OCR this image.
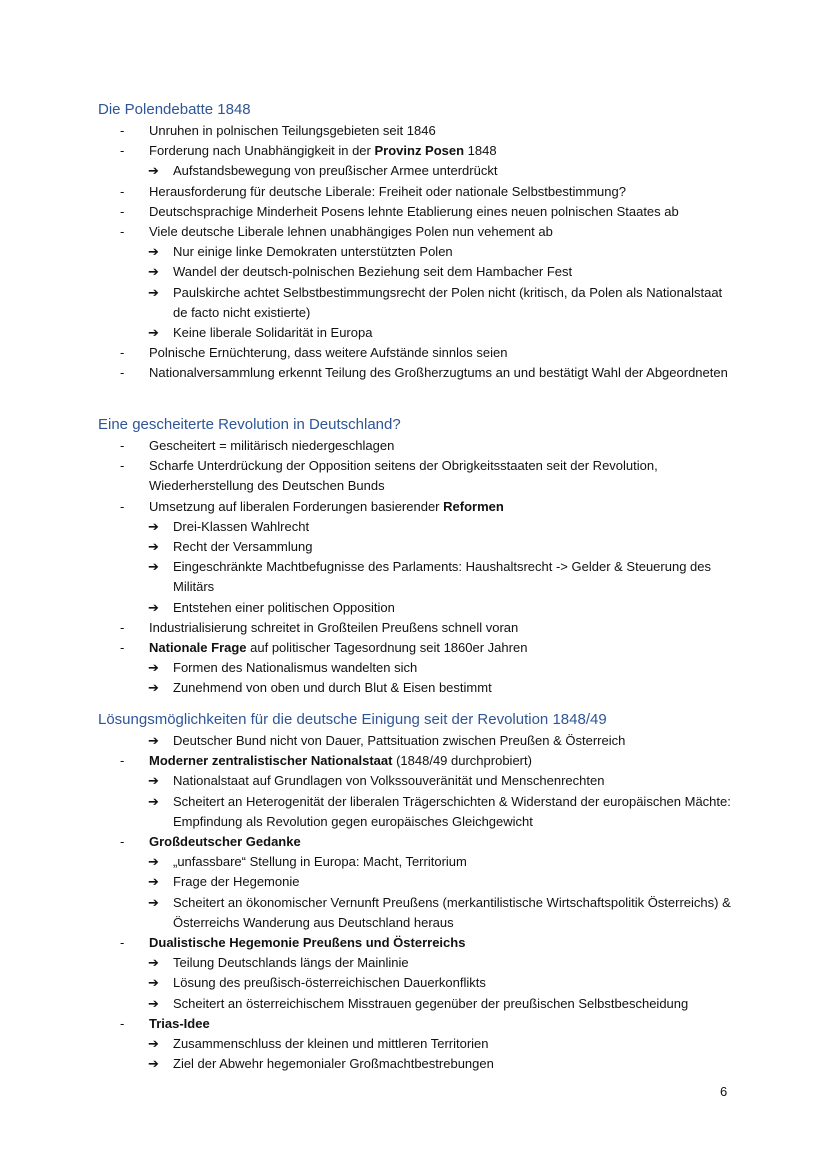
Die Polendebatte 1848
- Unruhen in polnischen Teilungsgebieten seit 1846
- Forderung nach Unabhängigkeit in der Provinz Posen 1848
➔ Aufstandsbewegung von preußischer Armee unterdrückt
- Herausforderung für deutsche Liberale: Freiheit oder nationale Selbstbestimmung?
- Deutschsprachige Minderheit Posens lehnte Etablierung eines neuen polnischen Staates ab
- Viele deutsche Liberale lehnen unabhängiges Polen nun vehement ab
➔ Nur einige linke Demokraten unterstützten Polen
➔ Wandel der deutsch-polnischen Beziehung seit dem Hambacher Fest
➔ Paulskirche achtet Selbstbestimmungsrecht der Polen nicht (kritisch, da Polen als Nationalstaat de facto nicht existierte)
➔ Keine liberale Solidarität in Europa
- Polnische Ernüchterung, dass weitere Aufstände sinnlos seien
- Nationalversammlung erkennt Teilung des Großherzugtums an und bestätigt Wahl der Abgeordneten
Eine gescheiterte Revolution in Deutschland?
- Gescheitert = militärisch niedergeschlagen
- Scharfe Unterdrückung der Opposition seitens der Obrigkeitsstaaten seit der Revolution, Wiederherstellung des Deutschen Bunds
- Umsetzung auf liberalen Forderungen basierender Reformen
➔ Drei-Klassen Wahlrecht
➔ Recht der Versammlung
➔ Eingeschränkte Machtbefugnisse des Parlaments: Haushaltsrecht -> Gelder & Steuerung des Militärs
➔ Entstehen einer politischen Opposition
- Industrialisierung schreitet in Großteilen Preußens schnell voran
- Nationale Frage auf politischer Tagesordnung seit 1860er Jahren
➔ Formen des Nationalismus wandelten sich
➔ Zunehmend von oben und durch Blut & Eisen bestimmt
Lösungsmöglichkeiten für die deutsche Einigung seit der Revolution 1848/49
➔ Deutscher Bund nicht von Dauer, Pattsituation zwischen Preußen & Österreich
- Moderner zentralistischer Nationalstaat (1848/49 durchprobiert)
➔ Nationalstaat auf Grundlagen von Volkssouveränität und Menschenrechten
➔ Scheitert an Heterogenität der liberalen Trägerschichten & Widerstand der europäischen Mächte: Empfindung als Revolution gegen europäisches Gleichgewicht
- Großdeutscher Gedanke
➔ „unfassbare“ Stellung in Europa: Macht, Territorium
➔ Frage der Hegemonie
➔ Scheitert an ökonomischer Vernunft Preußens (merkantilistische Wirtschaftspolitik Österreichs) & Österreichs Wanderung aus Deutschland heraus
- Dualistische Hegemonie Preußens und Österreichs
➔ Teilung Deutschlands längs der Mainlinie
➔ Lösung des preußisch-österreichischen Dauerkonflikts
➔ Scheitert an österreichischem Misstrauen gegenüber der preußischen Selbstbescheidung
- Trias-Idee
➔ Zusammenschluss der kleinen und mittleren Territorien
➔ Ziel der Abwehr hegemonialer Großmachtbestrebungen
6
